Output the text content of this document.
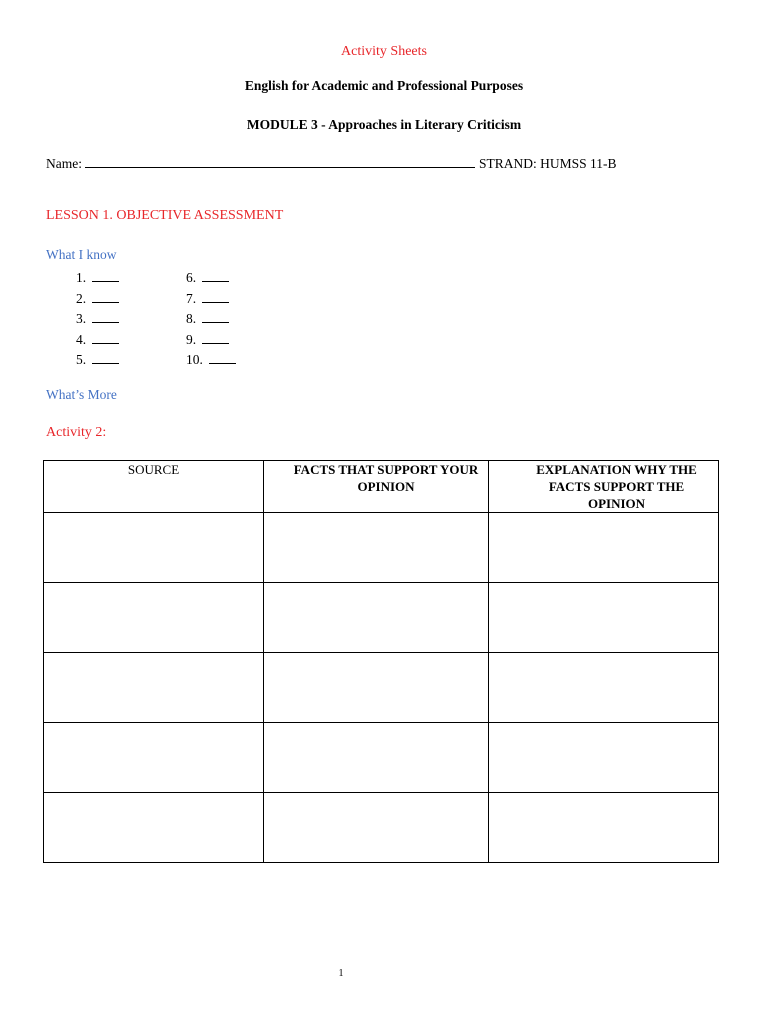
Activity Sheets
English for Academic and Professional Purposes
MODULE 3 - Approaches in Literary Criticism
Name:	STRAND: HUMSS 11-B
LESSON 1. OBJECTIVE ASSESSMENT
What I know
1.	6.
2.	7.
3.	8.
4.	9.
5.	10.
What’s More
Activity 2:
SOURCE	FACTS THAT SUPPORT YOUR OPINION	EXPLANATION WHY THE FACTS SUPPORT THE OPINION

1
